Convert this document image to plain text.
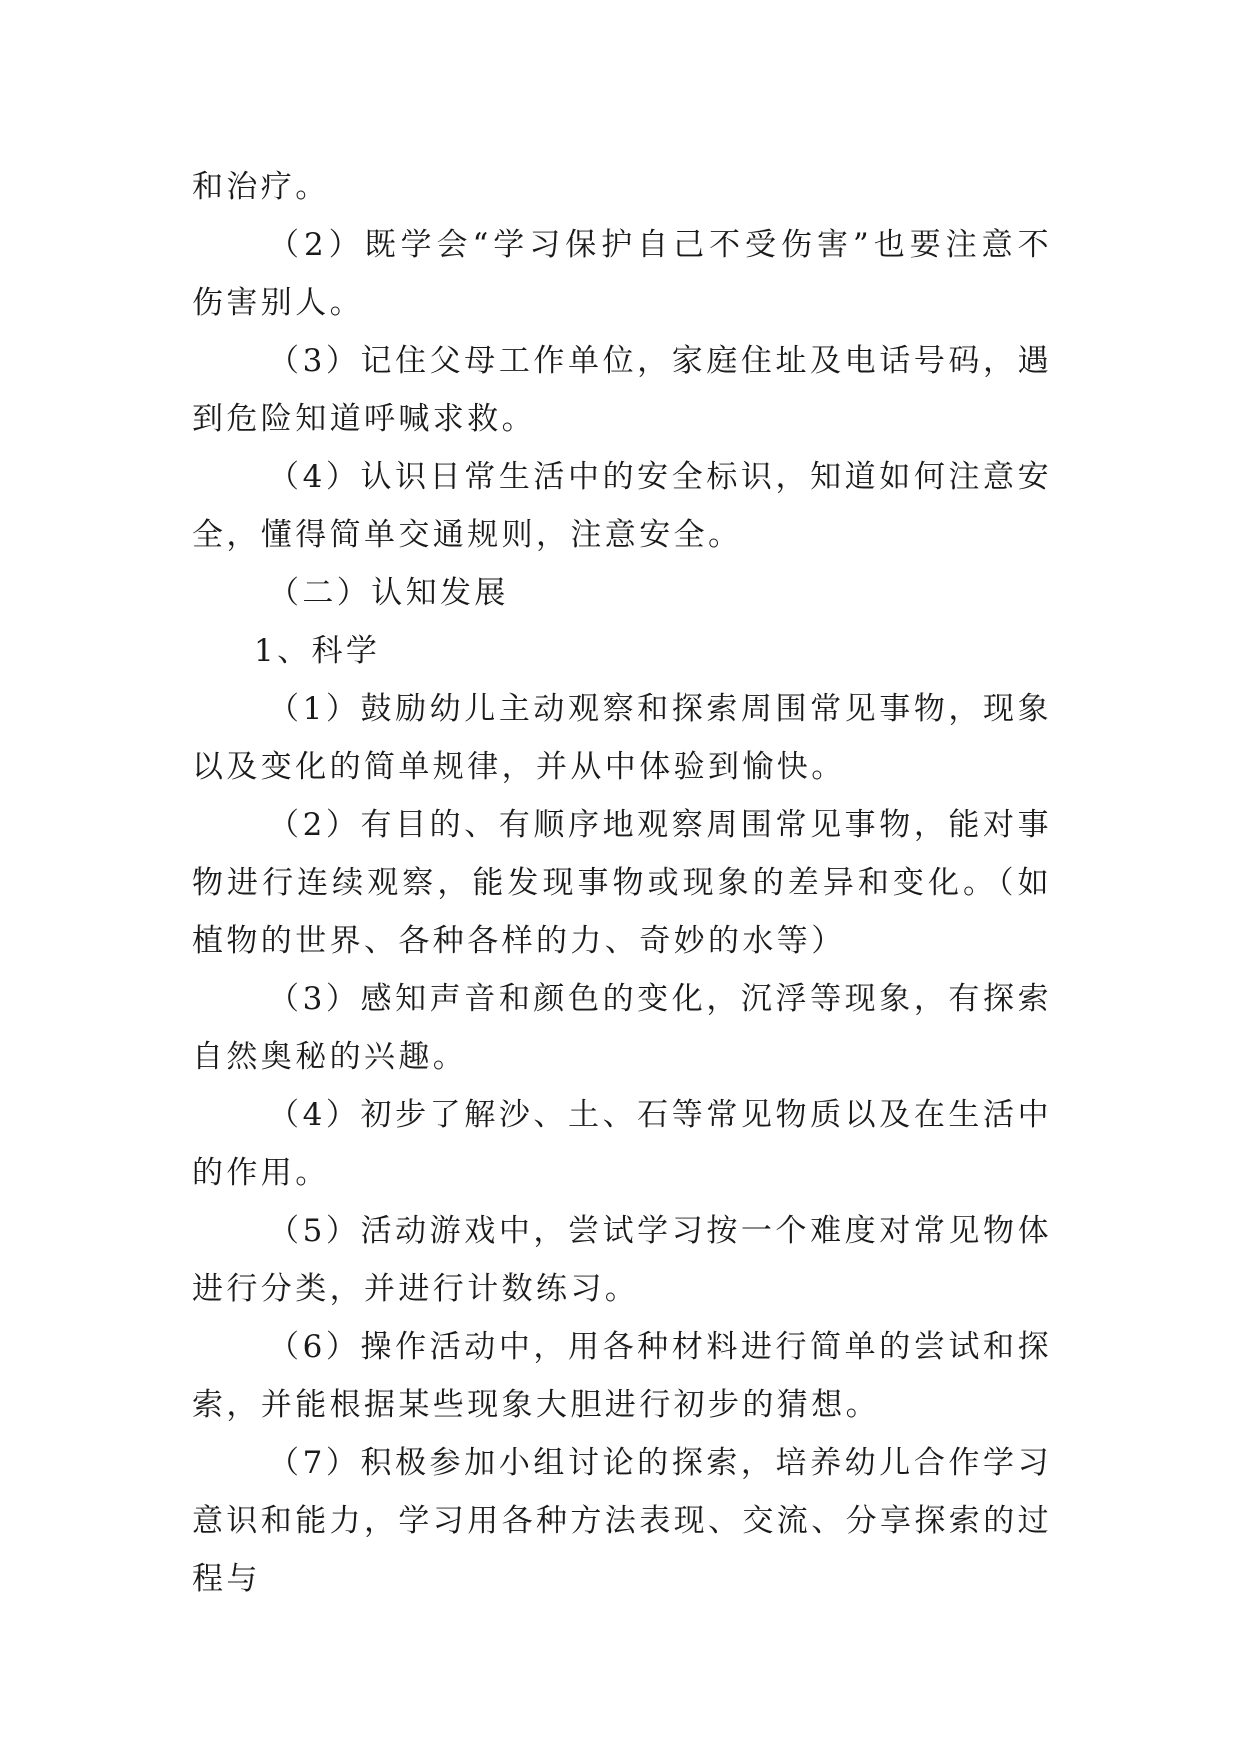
和治疗。

（2）既学会“学习保护自己不受伤害”也要注意不伤害别人。

（3）记住父母工作单位，家庭住址及电话号码，遇到危险知道呼喊求救。

（4）认识日常生活中的安全标识，知道如何注意安全，懂得简单交通规则，注意安全。

（二）认知发展

1、科学

（1）鼓励幼儿主动观察和探索周围常见事物，现象以及变化的简单规律，并从中体验到愉快。

（2）有目的、有顺序地观察周围常见事物，能对事物进行连续观察，能发现事物或现象的差异和变化。（如植物的世界、各种各样的力、奇妙的水等）

（3）感知声音和颜色的变化，沉浮等现象，有探索自然奥秘的兴趣。

（4）初步了解沙、土、石等常见物质以及在生活中的作用。

（5）活动游戏中，尝试学习按一个难度对常见物体进行分类，并进行计数练习。

（6）操作活动中，用各种材料进行简单的尝试和探索，并能根据某些现象大胆进行初步的猜想。

（7）积极参加小组讨论的探索，培养幼儿合作学习意识和能力，学习用各种方法表现、交流、分享探索的过程与
